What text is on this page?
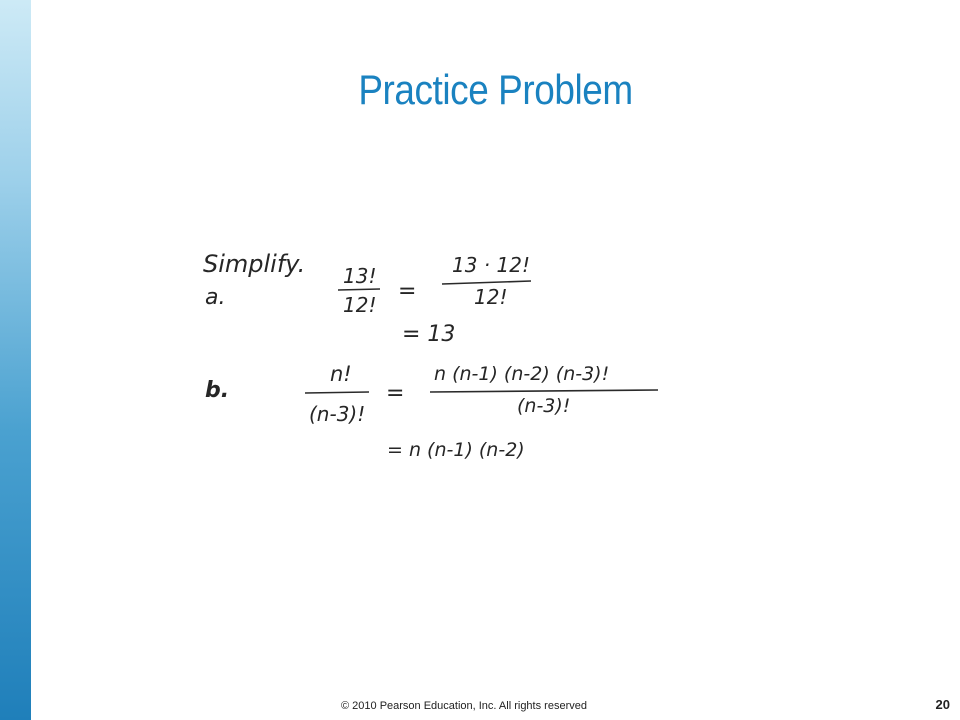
Practice Problem
Simplify.
a.
13!
12!
=
13 · 12!
12!
= 13
b.
n!
(n-3)!
=
n (n-1) (n-2) (n-3)!
(n-3)!
= n (n-1) (n-2)
© 2010 Pearson Education, Inc. All rights reserved	20
